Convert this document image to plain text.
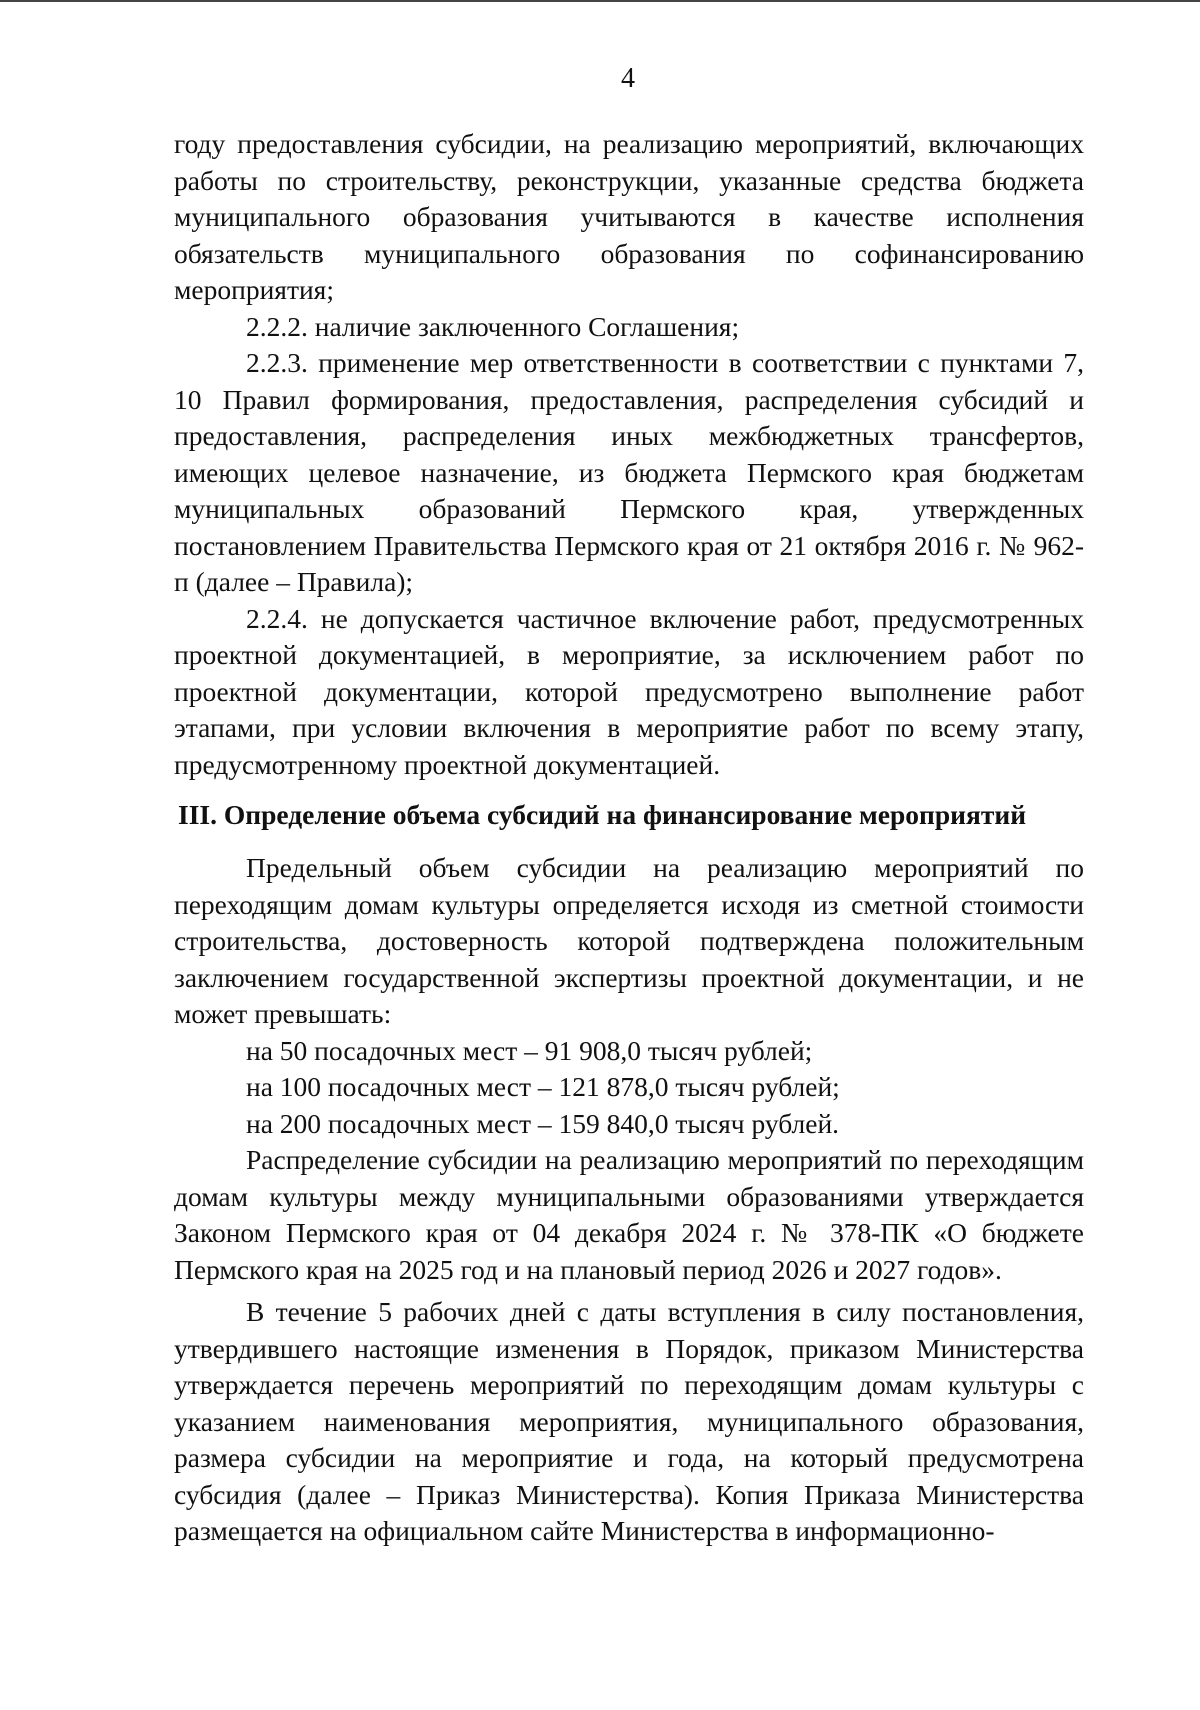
4

году предоставления субсидии, на реализацию мероприятий, включающих работы по строительству, реконструкции, указанные средства бюджета муниципального образования учитываются в качестве исполнения обязательств муниципального образования по софинансированию мероприятия;

2.2.2. наличие заключенного Соглашения;

2.2.3. применение мер ответственности в соответствии с пунктами 7, 10 Правил формирования, предоставления, распределения субсидий и предоставления, распределения иных межбюджетных трансфертов, имеющих целевое назначение, из бюджета Пермского края бюджетам муниципальных образований Пермского края, утвержденных постановлением Правительства Пермского края от 21 октября 2016 г. № 962-п (далее – Правила);

2.2.4. не допускается частичное включение работ, предусмотренных проектной документацией, в мероприятие, за исключением работ по проектной документации, которой предусмотрено выполнение работ этапами, при условии включения в мероприятие работ по всему этапу, предусмотренному проектной документацией.

III. Определение объема субсидий на финансирование мероприятий

Предельный объем субсидии на реализацию мероприятий по переходящим домам культуры определяется исходя из сметной стоимости строительства, достоверность которой подтверждена положительным заключением государственной экспертизы проектной документации, и не может превышать:

на 50 посадочных мест – 91 908,0 тысяч рублей;

на 100 посадочных мест – 121 878,0 тысяч рублей;

на 200 посадочных мест – 159 840,0 тысяч рублей.

Распределение субсидии на реализацию мероприятий по переходящим домам культуры между муниципальными образованиями утверждается Законом Пермского края от 04 декабря 2024 г. № 378-ПК «О бюджете Пермского края на 2025 год и на плановый период 2026 и 2027 годов».

В течение 5 рабочих дней с даты вступления в силу постановления, утвердившего настоящие изменения в Порядок, приказом Министерства утверждается перечень мероприятий по переходящим домам культуры с указанием наименования мероприятия, муниципального образования, размера субсидии на мероприятие и года, на который предусмотрена субсидия (далее – Приказ Министерства). Копия Приказа Министерства размещается на официальном сайте Министерства в информационно-
